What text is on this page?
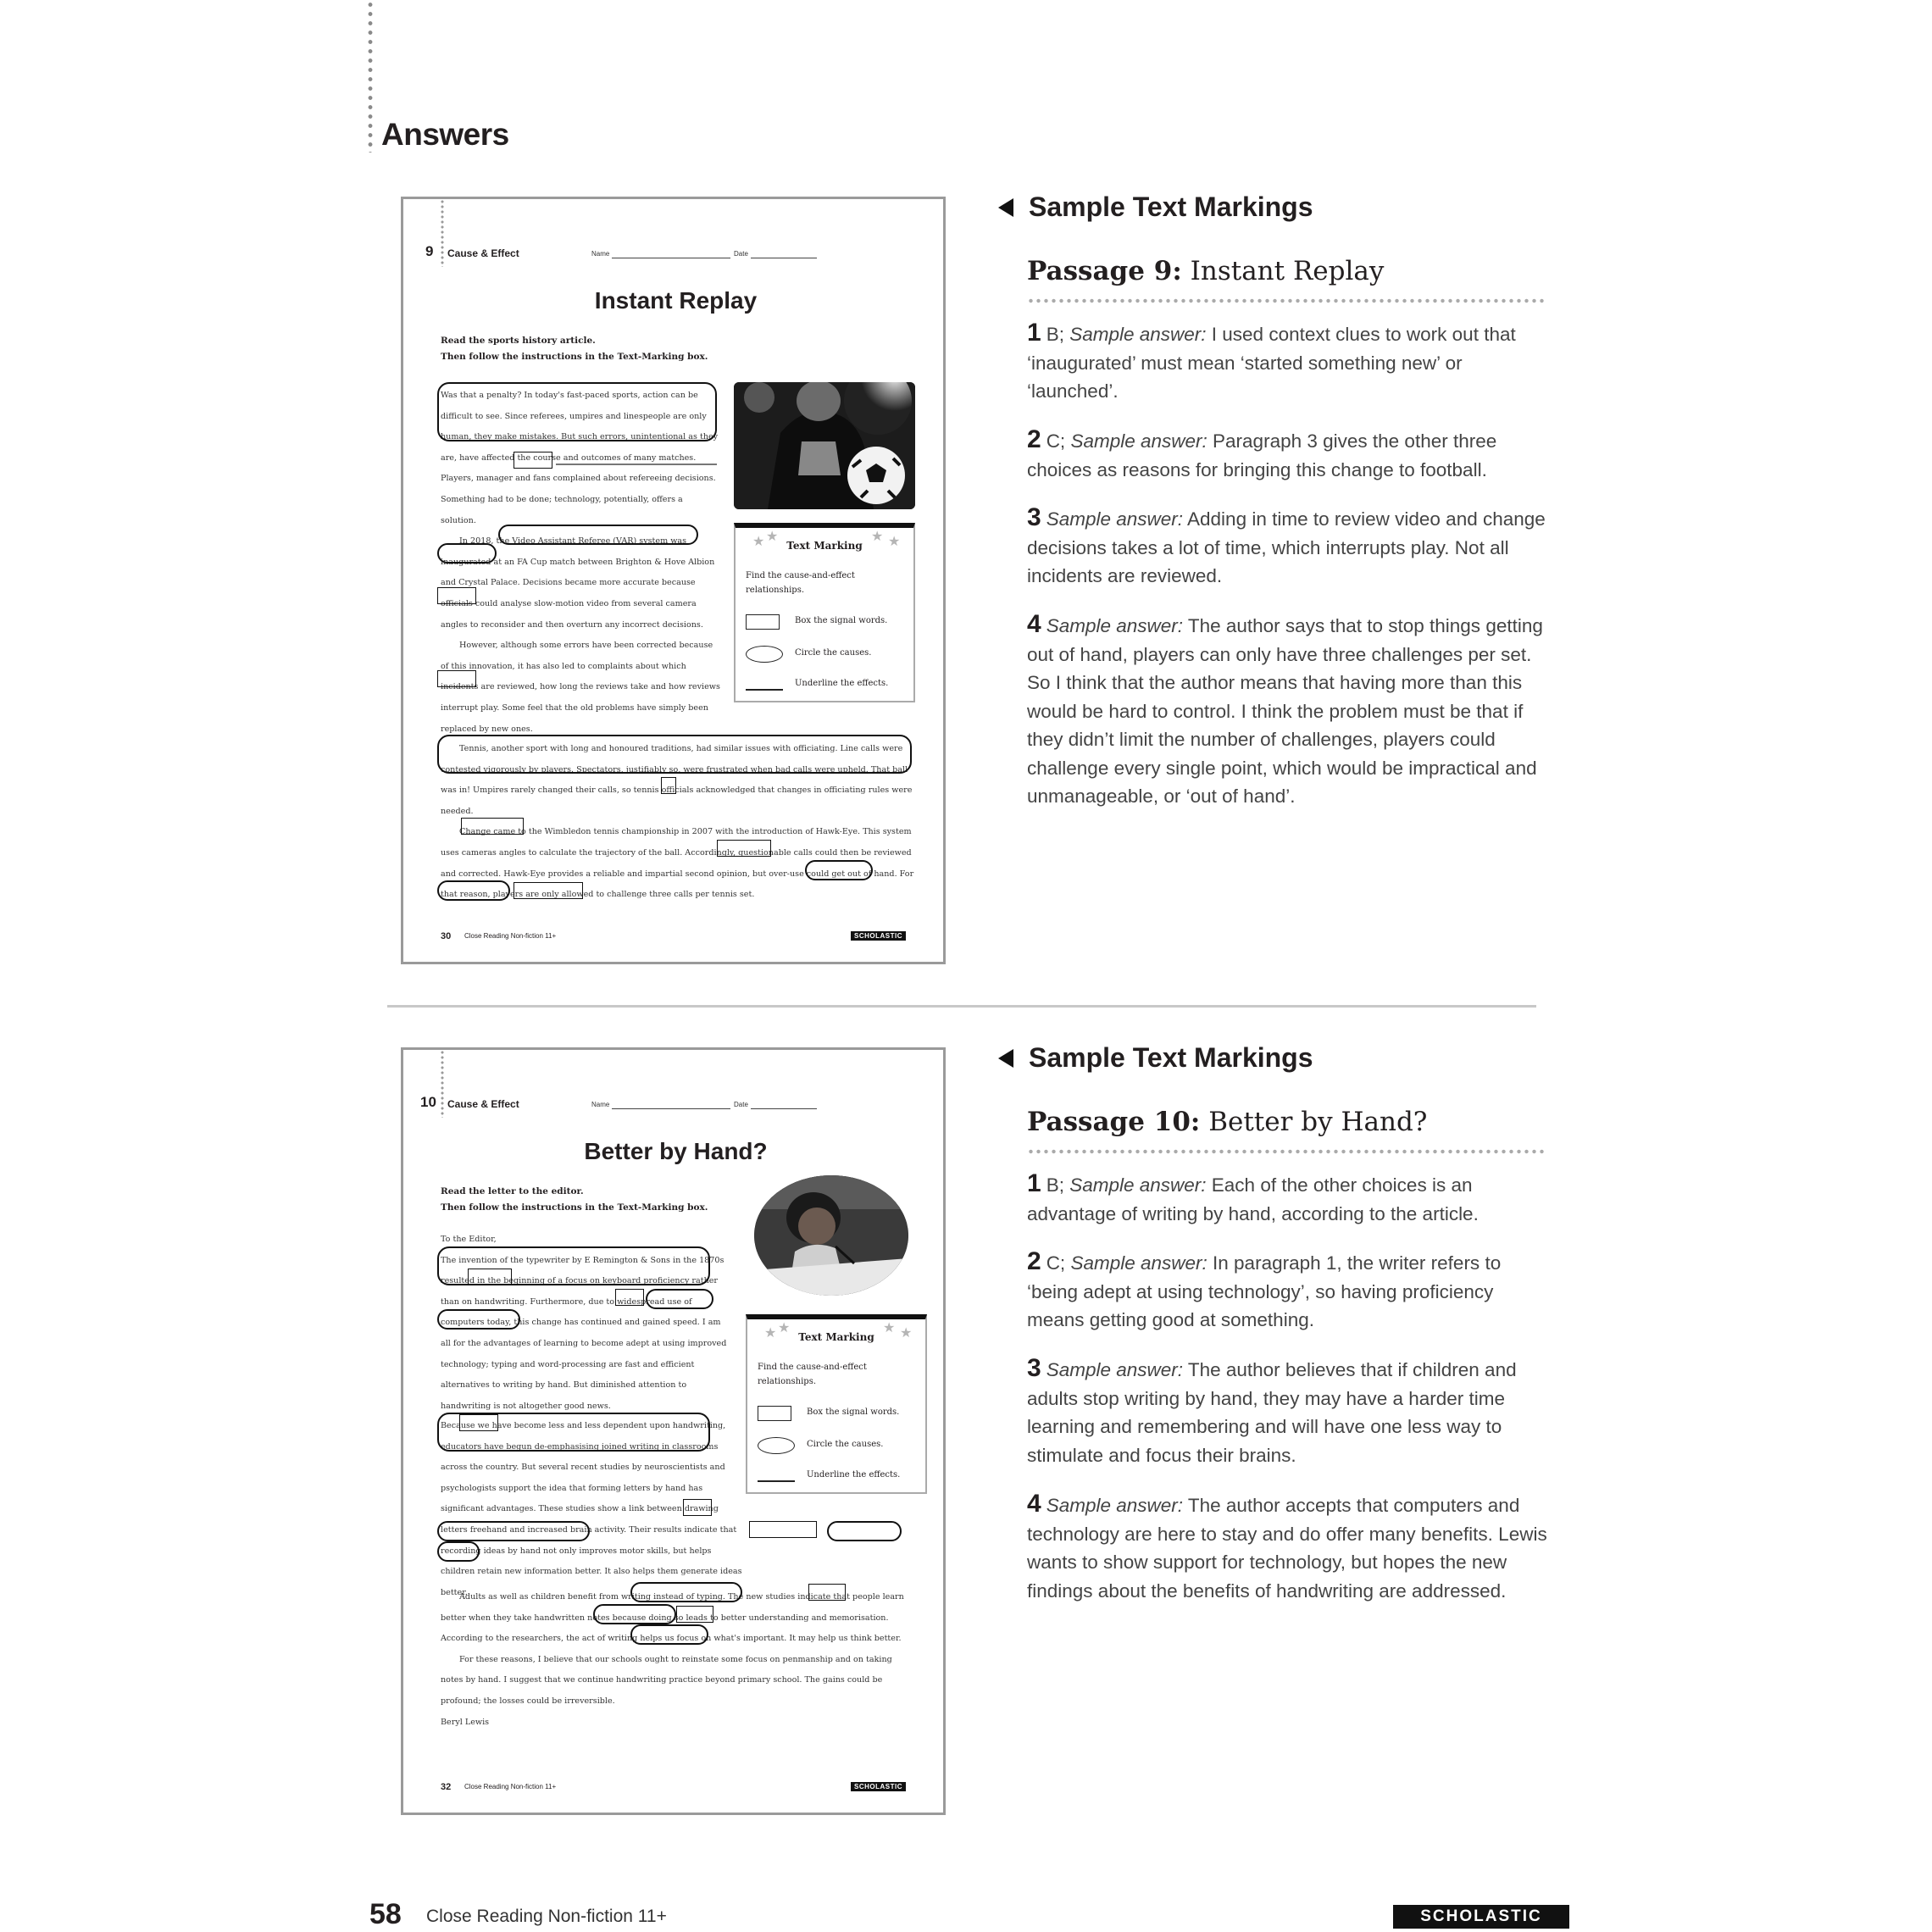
Answers
9 Cause & Effect	Name	Date
Instant Replay
Read the sports history article.
Then follow the instructions in the Text-Marking box.
Was that a penalty? In today's fast-paced sports, action can be difficult to see. Since referees, umpires and linespeople are only human, they make mistakes. But such errors, unintentional as they are, have affected the course and outcomes of many matches. Players, manager and fans complained about refereeing decisions. Something had to be done; technology, potentially, offers a solution.
In 2018, the Video Assistant Referee (VAR) system was inaugurated at an FA Cup match between Brighton & Hove Albion and Crystal Palace. Decisions became more accurate because officials could analyse slow-motion video from several camera angles to reconsider and then overturn any incorrect decisions.
However, although some errors have been corrected because of this innovation, it has also led to complaints about which incidents are reviewed, how long the reviews take and how reviews interrupt play. Some feel that the old problems have simply been replaced by new ones.
Tennis, another sport with long and honoured traditions, had similar issues with officiating. Line calls were contested vigorously by players. Spectators, justifiably so, were frustrated when bad calls were upheld. That ball was in! Umpires rarely changed their calls, so tennis officials acknowledged that changes in officiating rules were needed.
Change came to the Wimbledon tennis championship in 2007 with the introduction of Hawk-Eye. This system uses cameras angles to calculate the trajectory of the ball. Accordingly, questionable calls could then be reviewed and corrected. Hawk-Eye provides a reliable and impartial second opinion, but over-use could get out of hand. For that reason, players are only allowed to challenge three calls per tennis set.
★ ★	★ ★
Text Marking
Find the cause-and-effect relationships.
Box the signal words.
Circle the causes.
Underline the effects.
30 Close Reading Non-fiction 11+	SCHOLASTIC
Sample Text Markings
Passage 9: Instant Replay
1 B; Sample answer: I used context clues to work out that ‘inaugurated’ must mean ‘started something new’ or ‘launched’.
2 C; Sample answer: Paragraph 3 gives the other three choices as reasons for bringing this change to football.
3 Sample answer: Adding in time to review video and change decisions takes a lot of time, which interrupts play. Not all incidents are reviewed.
4 Sample answer: The author says that to stop things getting out of hand, players can only have three challenges per set. So I think that the author means that having more than this would be hard to control. I think the problem must be that if they didn’t limit the number of challenges, players could challenge every single point, which would be impractical and unmanageable, or ‘out of hand’.
10 Cause & Effect	Name	Date
Better by Hand?
Read the letter to the editor.
Then follow the instructions in the Text-Marking box.
To the Editor,
The invention of the typewriter by E Remington & Sons in the 1870s resulted in the beginning of a focus on keyboard proficiency rather than on handwriting. Furthermore, due to widespread use of computers today, this change has continued and gained speed. I am all for the advantages of learning to become adept at using improved technology; typing and word-processing are fast and efficient alternatives to writing by hand. But diminished attention to handwriting is not altogether good news.
Because we have become less and less dependent upon handwriting, educators have begun de-emphasising joined writing in classrooms across the country. But several recent studies by neuroscientists and psychologists support the idea that forming letters by hand has significant advantages. These studies show a link between drawing letters freehand and increased brain activity. Their results indicate that recording ideas by hand not only improves motor skills, but helps children retain new information better. It also helps them generate ideas better.
Adults as well as children benefit from writing instead of typing. The new studies indicate that people learn better when they take handwritten notes because doing so leads to better understanding and memorisation. According to the researchers, the act of writing helps us focus on what's important. It may help us think better.
For these reasons, I believe that our schools ought to reinstate some focus on penmanship and on taking notes by hand. I suggest that we continue handwriting practice beyond primary school. The gains could be profound; the losses could be irreversible.
Beryl Lewis
★ ★	★ ★
Text Marking
Find the cause-and-effect relationships.
Box the signal words.
Circle the causes.
Underline the effects.
32 Close Reading Non-fiction 11+	SCHOLASTIC
Sample Text Markings
Passage 10: Better by Hand?
1 B; Sample answer: Each of the other choices is an advantage of writing by hand, according to the article.
2 C; Sample answer: In paragraph 1, the writer refers to ‘being adept at using technology’, so having proficiency means getting good at something.
3 Sample answer: The author believes that if children and adults stop writing by hand, they may have a harder time learning and remembering and will have one less way to stimulate and focus their brains.
4 Sample answer: The author accepts that computers and technology are here to stay and do offer many benefits. Lewis wants to show support for technology, but hopes the new findings about the benefits of handwriting are addressed.
58 Close Reading Non-fiction 11+	SCHOLASTIC
